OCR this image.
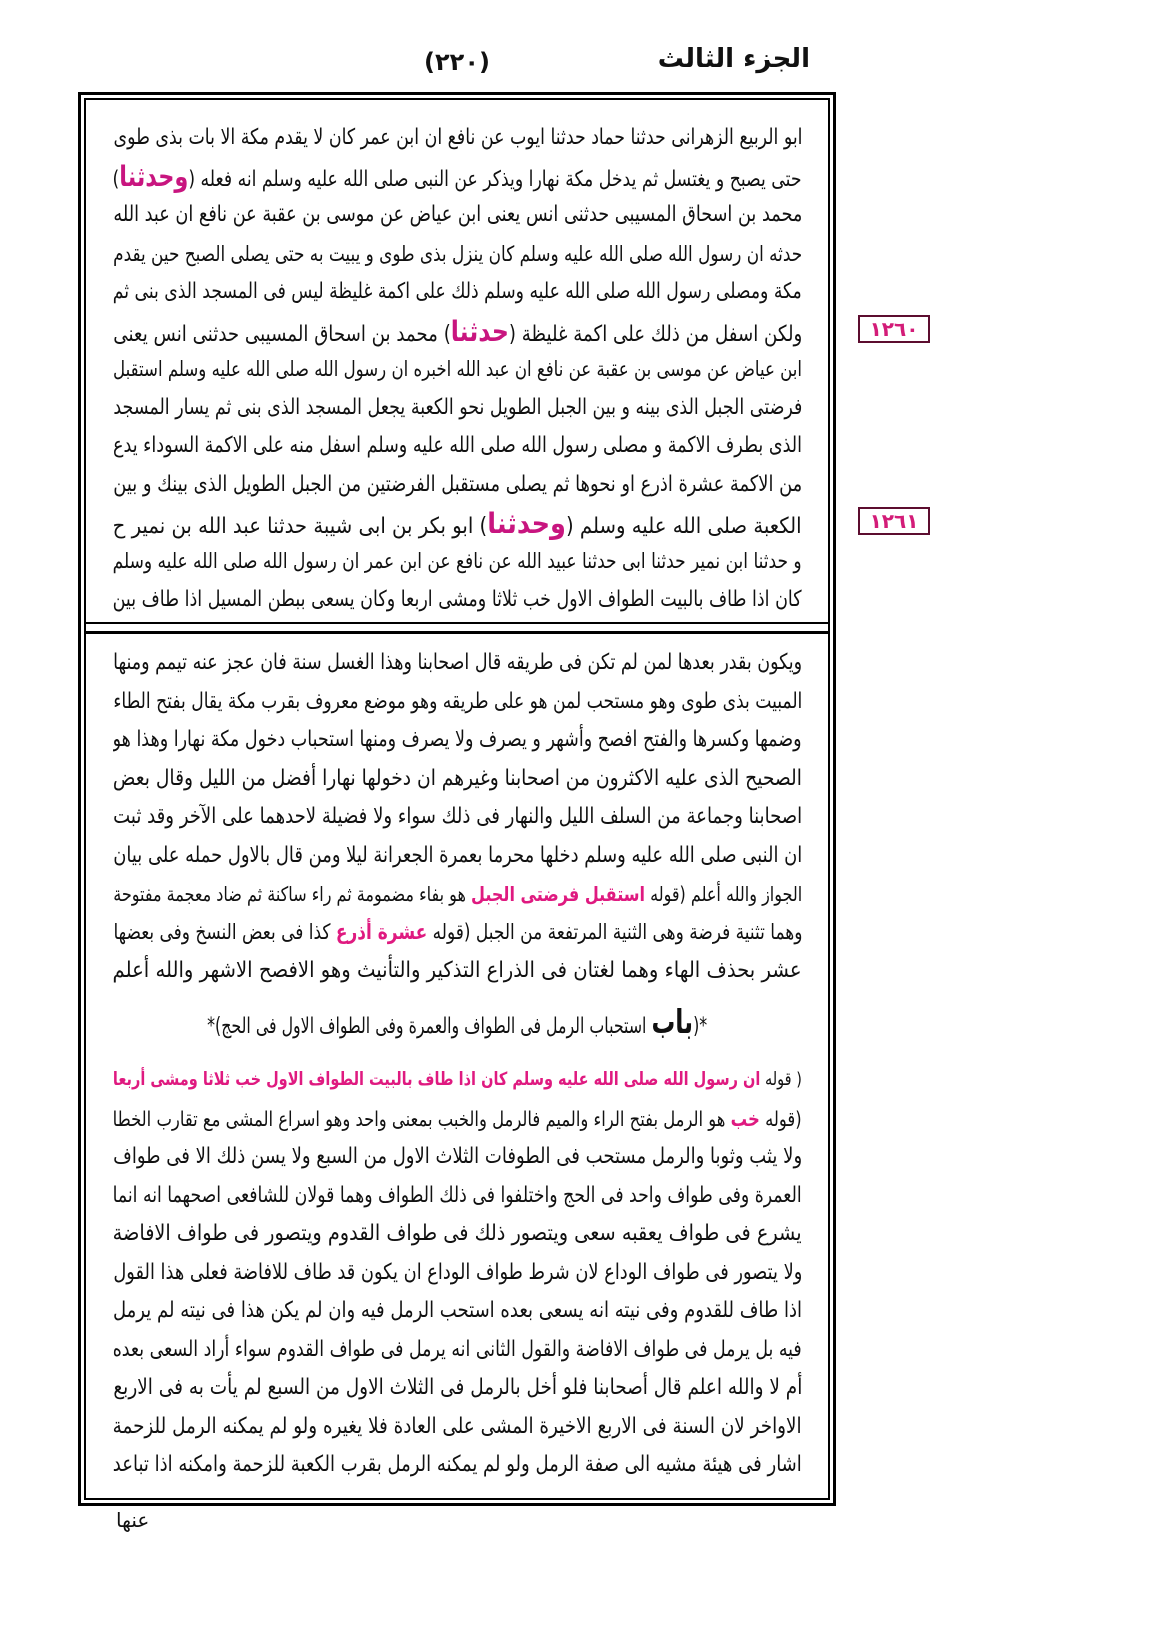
الجزء الثالث
(٢٢٠)
ابو الربيع الزهرانى حدثنا حماد حدثنا ايوب عن نافع ان ابن عمر كان لا يقدم مكة الا بات بذى طوى
حتى يصبح و يغتسل ثم يدخل مكة نهارا ويذكر عن النبى صلى الله عليه وسلم انه فعله (وحدثنا)
محمد بن اسحاق المسيبى حدثنى انس يعنى ابن عياض عن موسى بن عقبة عن نافع ان عبد الله
حدثه ان رسول الله صلى الله عليه وسلم كان ينزل بذى طوى و يبيت به حتى يصلى الصبح حين يقدم
مكة ومصلى رسول الله صلى الله عليه وسلم ذلك على اكمة غليظة ليس فى المسجد الذى بنى ثم
ولكن اسفل من ذلك على اكمة غليظة (حدثنا) محمد بن اسحاق المسيبى حدثنى انس يعنى
ابن عياض عن موسى بن عقبة عن نافع ان عبد الله اخبره ان رسول الله صلى الله عليه وسلم استقبل
فرضتى الجبل الذى بينه و بين الجبل الطويل نحو الكعبة يجعل المسجد الذى بنى ثم يسار المسجد
الذى بطرف الاكمة و مصلى رسول الله صلى الله عليه وسلم اسفل منه على الاكمة السوداء يدع
من الاكمة عشرة اذرع او نحوها ثم يصلى مستقبل الفرضتين من الجبل الطويل الذى بينك و بين
الكعبة صلى الله عليه وسلم (وحدثنا) ابو بكر بن ابى شيبة حدثنا عبد الله بن نمير ح
و حدثنا ابن نمير حدثنا ابى حدثنا عبيد الله عن نافع عن ابن عمر ان رسول الله صلى الله عليه وسلم
كان اذا طاف بالبيت الطواف الاول خب ثلاثا ومشى اربعا وكان يسعى ببطن المسيل اذا طاف بين
ويكون بقدر بعدها لمن لم تكن فى طريقه قال اصحابنا وهذا الغسل سنة فان عجز عنه تيمم ومنها
المبيت بذى طوى وهو مستحب لمن هو على طريقه وهو موضع معروف بقرب مكة يقال بفتح الطاء
وضمها وكسرها والفتح افصح وأشهر و يصرف ولا يصرف ومنها استحباب دخول مكة نهارا وهذا هو
الصحيح الذى عليه الاكثرون من اصحابنا وغيرهم ان دخولها نهارا أفضل من الليل وقال بعض
اصحابنا وجماعة من السلف الليل والنهار فى ذلك سواء ولا فضيلة لاحدهما على الآخر وقد ثبت
ان النبى صلى الله عليه وسلم دخلها محرما بعمرة الجعرانة ليلا ومن قال بالاول حمله على بيان
الجواز والله أعلم (قوله استقبل فرضتى الجبل هو بفاء مضمومة ثم راء ساكنة ثم ضاد معجمة مفتوحة
وهما تثنية فرضة وهى الثنية المرتفعة من الجبل (قوله عشرة أذرع كذا فى بعض النسخ وفى بعضها
عشر بحذف الهاء وهما لغتان فى الذراع التذكير والتأنيث وهو الافصح الاشهر والله أعلم
*(باب استحباب الرمل فى الطواف والعمرة وفى الطواف الاول فى الحج)*
( قوله ان رسول الله صلى الله عليه وسلم كان اذا طاف بالبيت الطواف الاول خب ثلاثا ومشى أربعا
(قوله خب هو الرمل بفتح الراء والميم فالرمل والخبب بمعنى واحد وهو اسراع المشى مع تقارب الخطا
ولا يثب وثوبا والرمل مستحب فى الطوفات الثلاث الاول من السبع ولا يسن ذلك الا فى طواف
العمرة وفى طواف واحد فى الحج واختلفوا فى ذلك الطواف وهما قولان للشافعى اصحهما انه انما
يشرع فى طواف يعقبه سعى ويتصور ذلك فى طواف القدوم ويتصور فى طواف الافاضة
ولا يتصور فى طواف الوداع لان شرط طواف الوداع ان يكون قد طاف للافاضة فعلى هذا القول
اذا طاف للقدوم وفى نيته انه يسعى بعده استحب الرمل فيه وان لم يكن هذا فى نيته لم يرمل
فيه بل يرمل فى طواف الافاضة والقول الثانى انه يرمل فى طواف القدوم سواء أراد السعى بعده
أم لا والله اعلم قال أصحابنا فلو أخل بالرمل فى الثلاث الاول من السبع لم يأت به فى الاربع
الاواخر لان السنة فى الاربع الاخيرة المشى على العادة فلا يغيره ولو لم يمكنه الرمل للزحمة
اشار فى هيئة مشيه الى صفة الرمل ولو لم يمكنه الرمل بقرب الكعبة للزحمة وامكنه اذا تباعد
١٢٦٠
١٢٦١
عنها
